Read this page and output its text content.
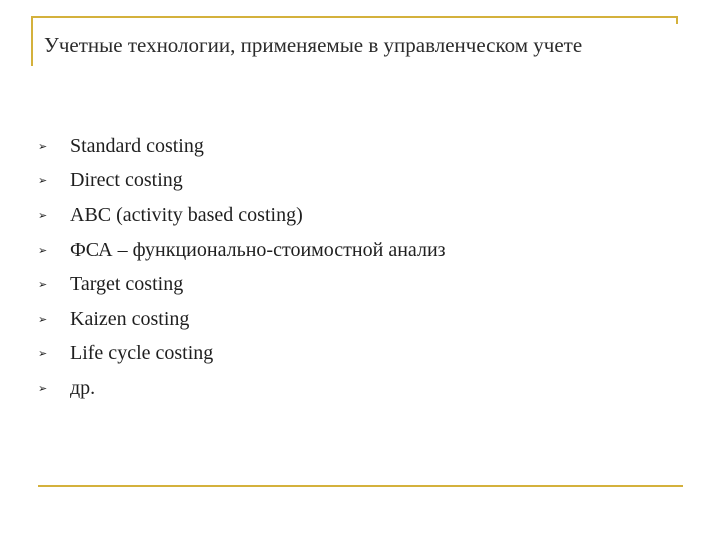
Учетные технологии, применяемые в управленческом учете
➢	Standard costing
➢	Direct costing
➢	ABC (activity based costing)
➢	ФСА – функционально-стоимостной анализ
➢	Target costing
➢	Kaizen costing
➢	Life cycle costing
➢	др.
